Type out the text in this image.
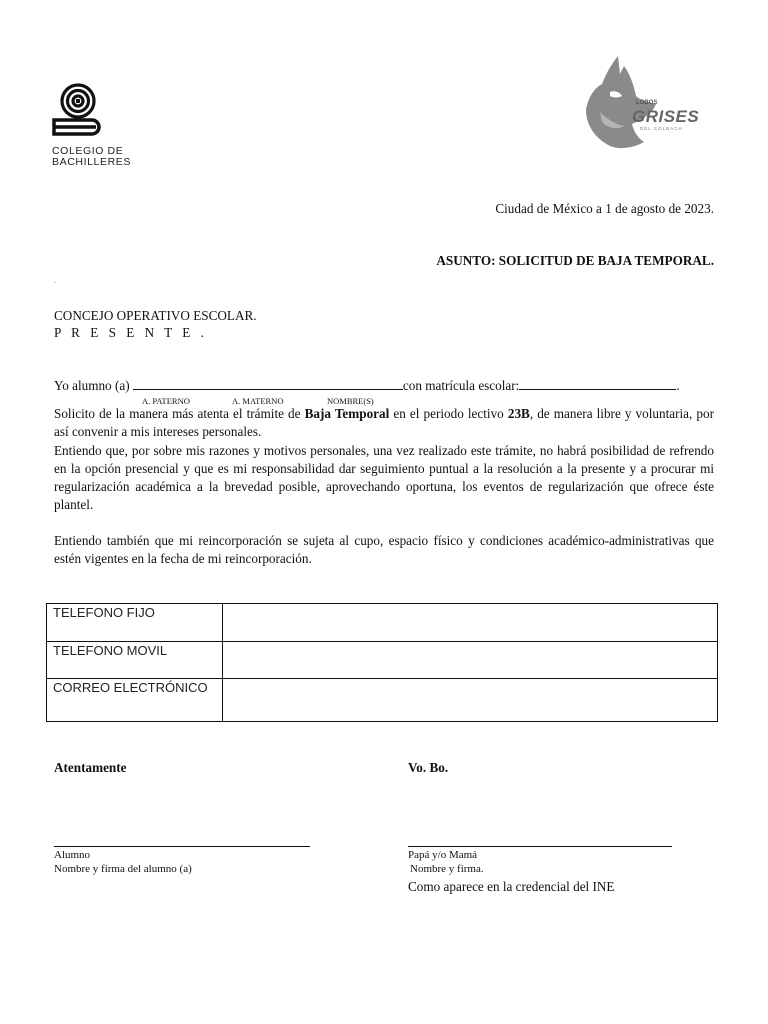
COLEGIO DE
BACHILLERES
LOBOS
GRISES
DEL COLBACH
Ciudad de México a 1 de agosto de 2023.
ASUNTO: SOLICITUD DE BAJA TEMPORAL.
.
CONCEJO OPERATIVO ESCOLAR.
P R E S E N T E .
Yo alumno (a)	con matrícula escolar:	.
A. PATERNO	A. MATERNO	NOMBRE(S)
Solicito de la manera más atenta el trámite de Baja Temporal en el periodo lectivo 23B, de manera libre y voluntaria, por así convenir a mis intereses personales.
Entiendo que, por sobre mis razones y motivos personales, una vez realizado este trámite, no habrá posibilidad de refrendo en la opción presencial y que es mi responsabilidad dar seguimiento puntual a la resolución a la presente y a procurar mi regularización académica a la brevedad posible, aprovechando oportuna, los eventos de regularización que ofrece éste plantel.
Entiendo también que mi reincorporación se sujeta al cupo, espacio físico y condiciones académico-administrativas que estén vigentes en la fecha de mi reincorporación.
TELEFONO FIJO	
TELEFONO MOVIL	
CORREO ELECTRÓNICO	
Atentamente	Vo. Bo.
Alumno
Nombre y firma del alumno (a)
Papá y/o Mamá
Nombre y firma.
Como aparece en la credencial del INE
